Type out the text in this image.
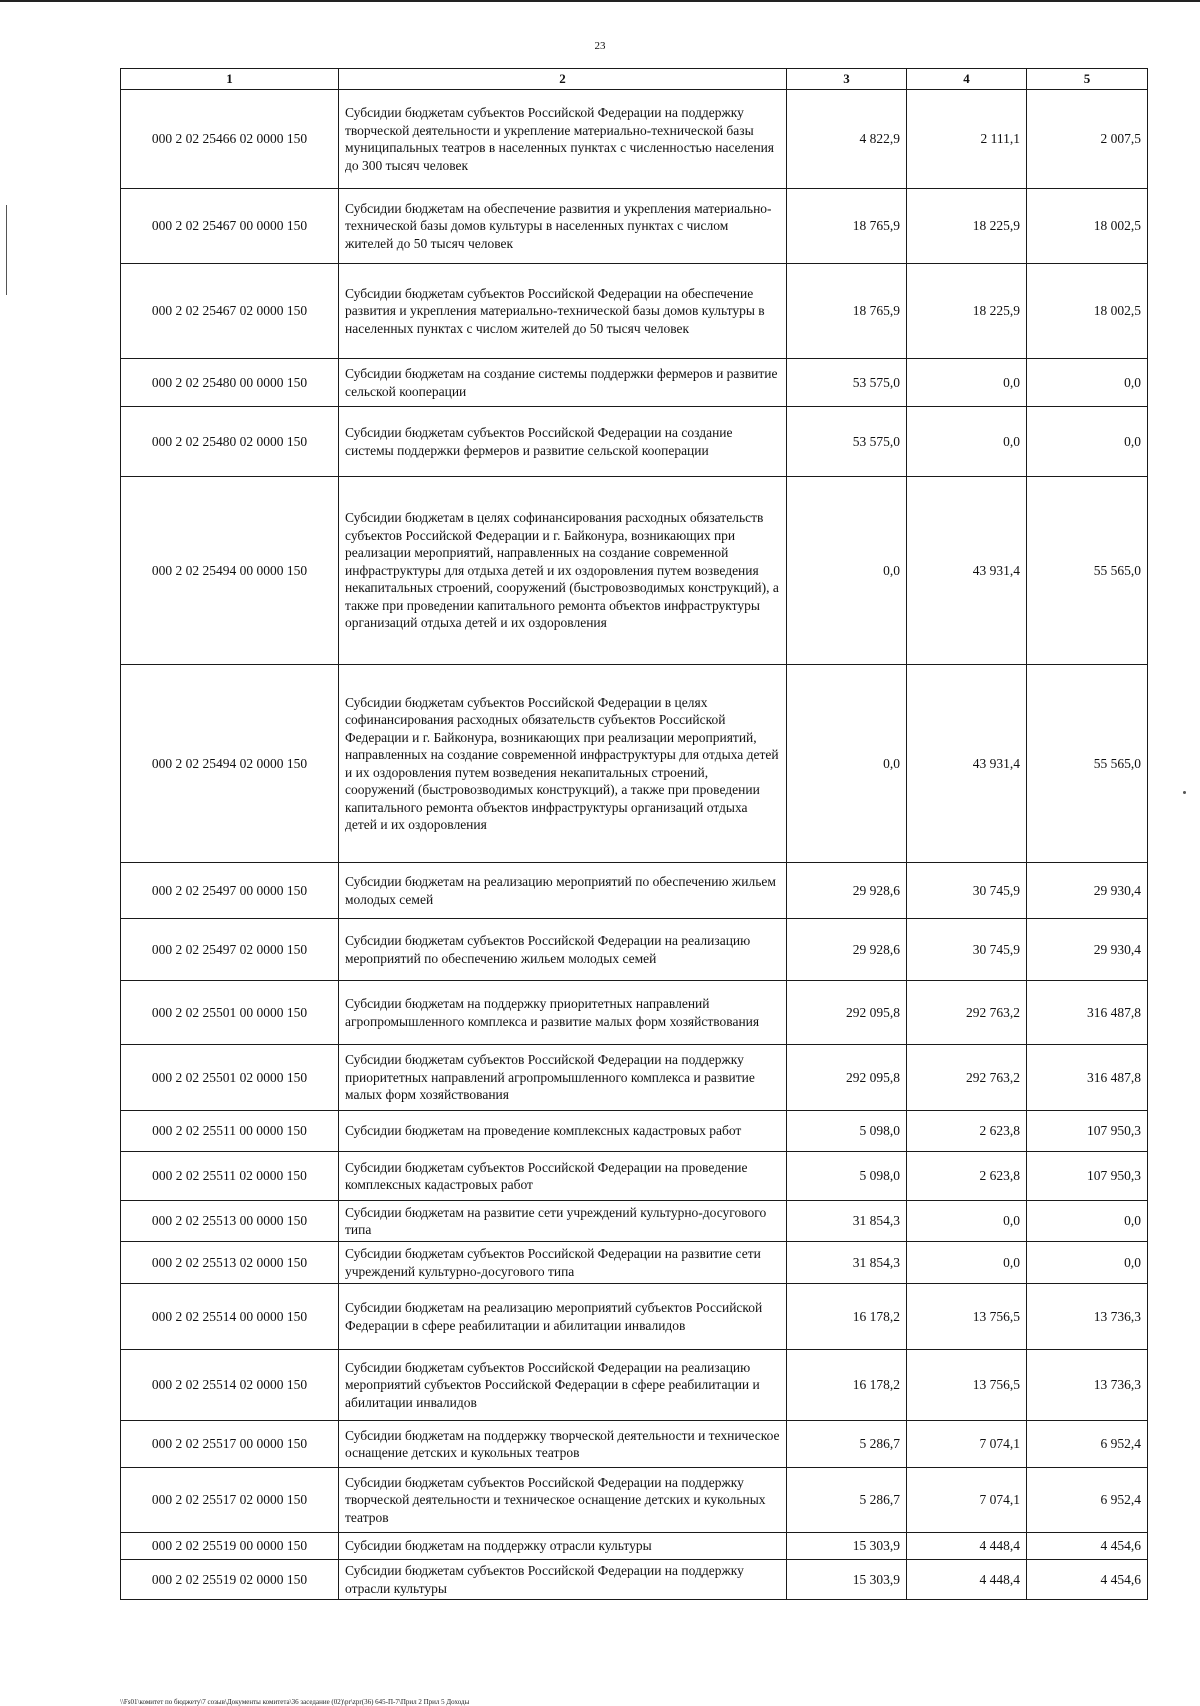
23
1	2	3	4	5
000 2 02 25466 02 0000 150	Субсидии бюджетам субъектов Российской Федерации на поддержку творческой деятельности и укрепление материально-технической базы муниципальных театров в населенных пунктах с численностью населения до 300 тысяч человек	4 822,9	2 111,1	2 007,5
000 2 02 25467 00 0000 150	Субсидии бюджетам на обеспечение развития и укрепления материально-технической базы домов культуры в населенных пунктах с числом жителей до 50 тысяч человек	18 765,9	18 225,9	18 002,5
000 2 02 25467 02 0000 150	Субсидии бюджетам субъектов Российской Федерации на обеспечение развития и укрепления материально-технической базы домов культуры в населенных пунктах с числом жителей до 50 тысяч человек	18 765,9	18 225,9	18 002,5
000 2 02 25480 00 0000 150	Субсидии бюджетам на создание системы поддержки фермеров и развитие сельской кооперации	53 575,0	0,0	0,0
000 2 02 25480 02 0000 150	Субсидии бюджетам субъектов Российской Федерации на создание системы поддержки фермеров и развитие сельской кооперации	53 575,0	0,0	0,0
000 2 02 25494 00 0000 150	Субсидии бюджетам в целях софинансирования расходных обязательств субъектов Российской Федерации и г. Байконура, возникающих при реализации мероприятий, направленных на создание современной инфраструктуры для отдыха детей и их оздоровления путем возведения некапитальных строений, сооружений (быстровозводимых конструкций), а также при проведении капитального ремонта объектов инфраструктуры организаций отдыха детей и их оздоровления	0,0	43 931,4	55 565,0
000 2 02 25494 02 0000 150	Субсидии бюджетам субъектов Российской Федерации в целях софинансирования расходных обязательств субъектов Российской Федерации и г. Байконура, возникающих при реализации мероприятий, направленных на создание современной инфраструктуры для отдыха детей и их оздоровления путем возведения некапитальных строений, сооружений (быстровозводимых конструкций), а также при проведении капитального ремонта объектов инфраструктуры организаций отдыха детей и их оздоровления	0,0	43 931,4	55 565,0
000 2 02 25497 00 0000 150	Субсидии бюджетам на реализацию мероприятий по обеспечению жильем молодых семей	29 928,6	30 745,9	29 930,4
000 2 02 25497 02 0000 150	Субсидии бюджетам субъектов Российской Федерации на реализацию мероприятий по обеспечению жильем молодых семей	29 928,6	30 745,9	29 930,4
000 2 02 25501 00 0000 150	Субсидии бюджетам на поддержку приоритетных направлений агропромышленного комплекса и развитие малых форм хозяйствования	292 095,8	292 763,2	316 487,8
000 2 02 25501 02 0000 150	Субсидии бюджетам субъектов Российской Федерации на поддержку приоритетных направлений агропромышленного комплекса и развитие малых форм хозяйствования	292 095,8	292 763,2	316 487,8
000 2 02 25511 00 0000 150	Субсидии бюджетам на проведение комплексных кадастровых работ	5 098,0	2 623,8	107 950,3
000 2 02 25511 02 0000 150	Субсидии бюджетам субъектов Российской Федерации на проведение комплексных кадастровых работ	5 098,0	2 623,8	107 950,3
000 2 02 25513 00 0000 150	Субсидии бюджетам на развитие сети учреждений культурно-досугового типа	31 854,3	0,0	0,0
000 2 02 25513 02 0000 150	Субсидии бюджетам субъектов Российской Федерации на развитие сети учреждений культурно-досугового типа	31 854,3	0,0	0,0
000 2 02 25514 00 0000 150	Субсидии бюджетам на реализацию мероприятий субъектов Российской Федерации в сфере реабилитации и абилитации инвалидов	16 178,2	13 756,5	13 736,3
000 2 02 25514 02 0000 150	Субсидии бюджетам субъектов Российской Федерации на реализацию мероприятий субъектов Российской Федерации в сфере реабилитации и абилитации инвалидов	16 178,2	13 756,5	13 736,3
000 2 02 25517 00 0000 150	Субсидии бюджетам на поддержку творческой деятельности и техническое оснащение детских и кукольных театров	5 286,7	7 074,1	6 952,4
000 2 02 25517 02 0000 150	Субсидии бюджетам субъектов Российской Федерации на поддержку творческой деятельности и техническое оснащение детских и кукольных театров	5 286,7	7 074,1	6 952,4
000 2 02 25519 00 0000 150	Субсидии бюджетам на поддержку отрасли культуры	15 303,9	4 448,4	4 454,6
000 2 02 25519 02 0000 150	Субсидии бюджетам субъектов Российской Федерации на поддержку отрасли культуры	15 303,9	4 448,4	4 454,6
\\Fs01\комитет по бюджету\7 созыв\Документы комитета\36 заседание (02)\pr\zpr(36) 645-П-7\Прил 2 Прил 5 Доходы
